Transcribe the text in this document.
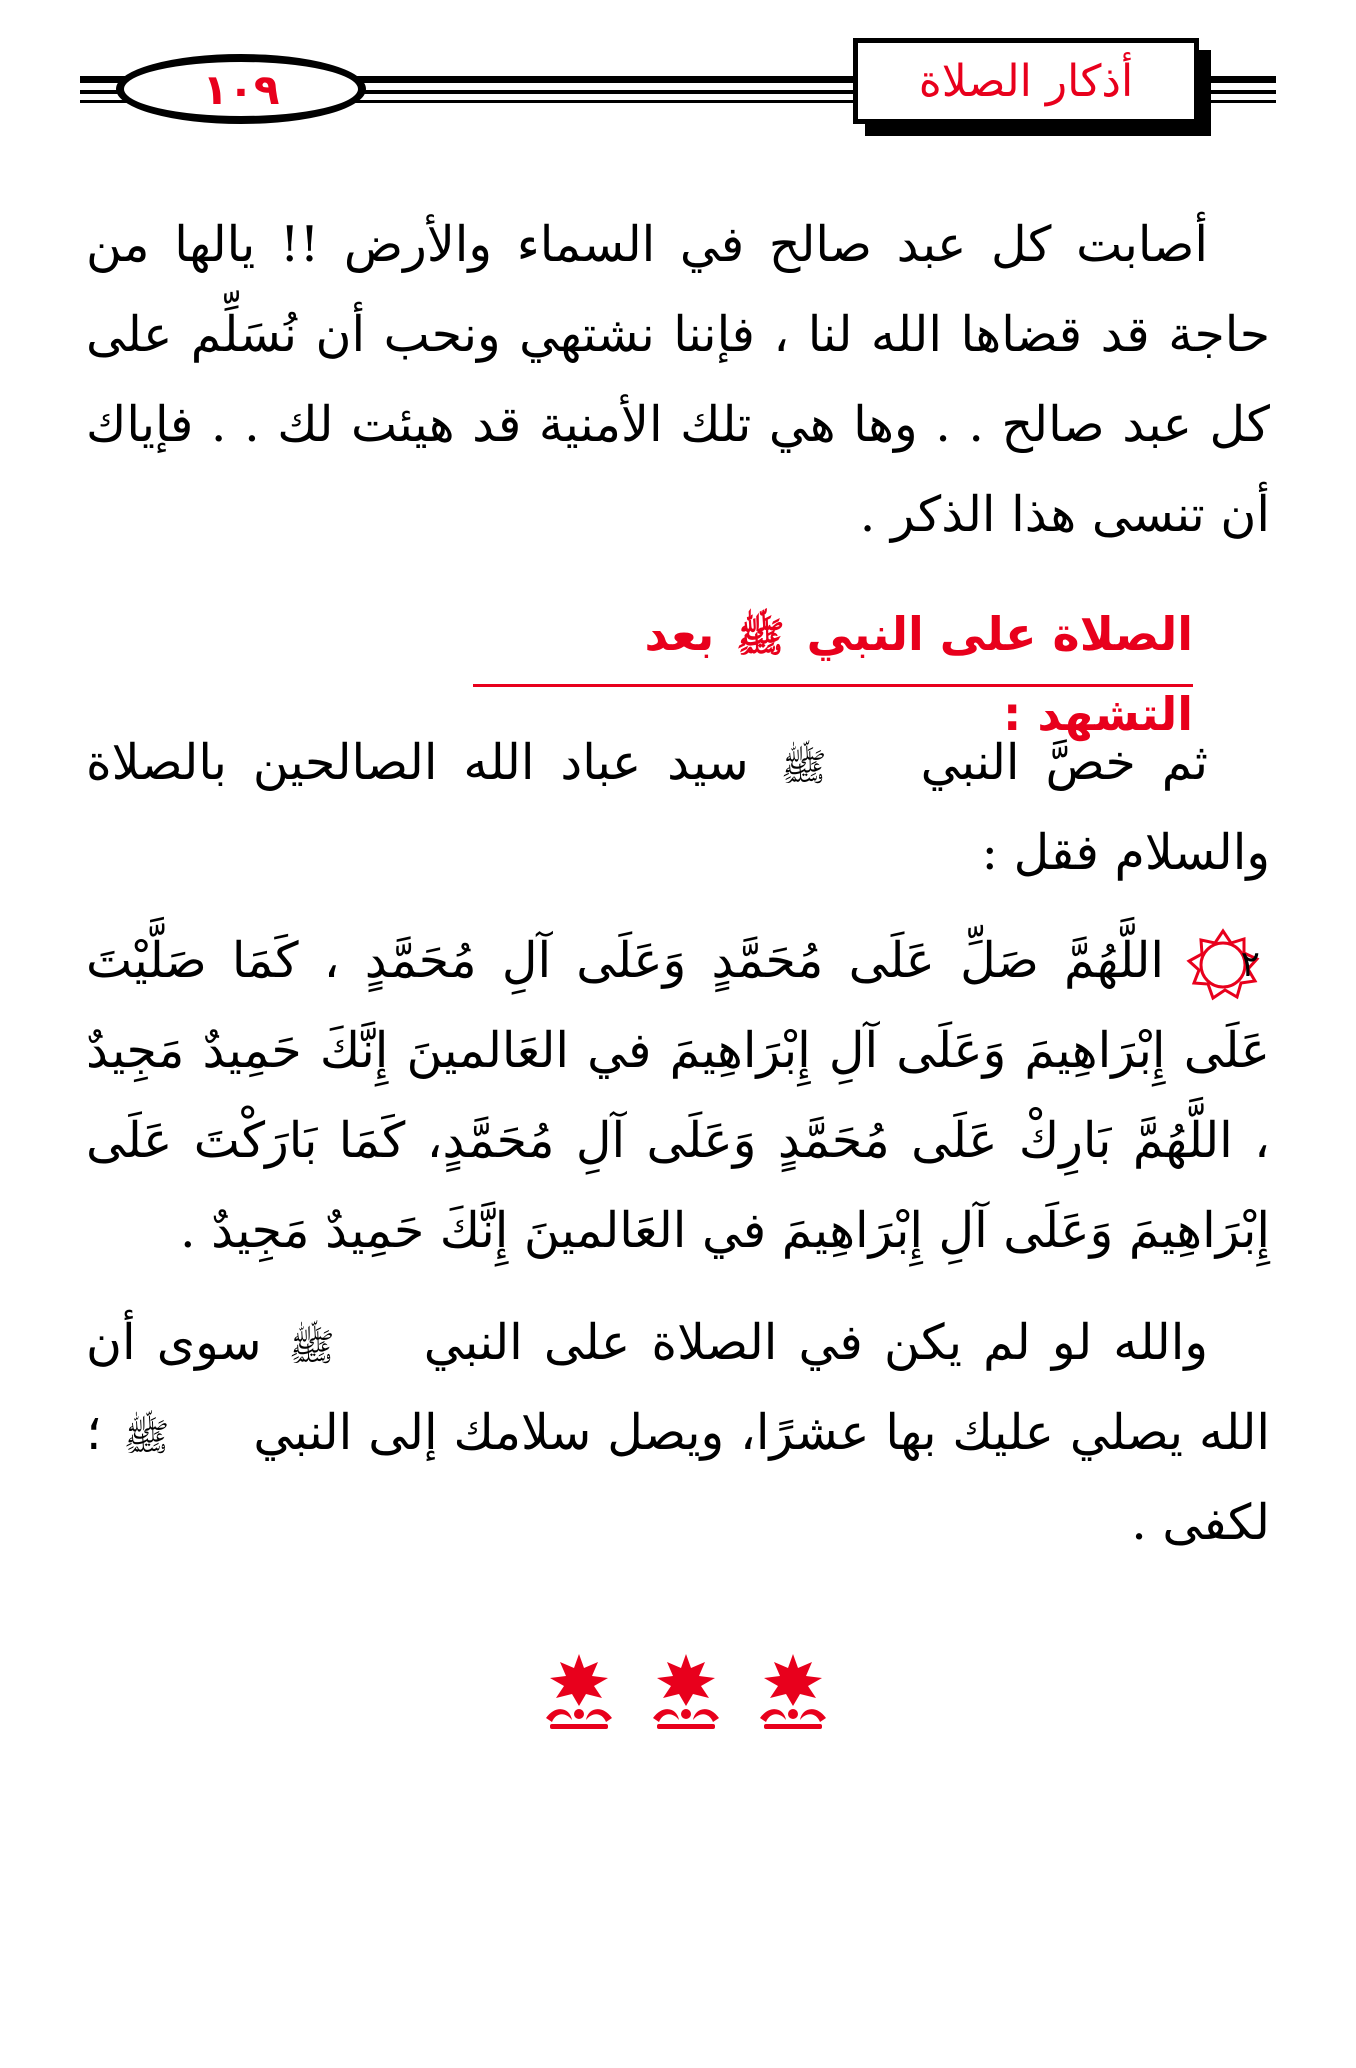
١٠٩	أذكار الصلاة

أصابت كل عبد صالح في السماء والأرض !! يالها من حاجة قد قضاها الله لنا ، فإننا نشتهي ونحب أن نُسَلِّم على كل عبد صالح . . وها هي تلك الأمنية قد هيئت لك . . فإياك أن تنسى هذا الذكر .

الصلاة على النبي ﷺ بعد التشهد :

ثم خصَّ النبي ﷺ سيد عباد الله الصالحين بالصلاة والسلام فقل :

٢
اللَّهُمَّ صَلِّ عَلَى مُحَمَّدٍ وَعَلَى آلِ مُحَمَّدٍ ، كَمَا صَلَّيْتَ عَلَى إِبْرَاهِيمَ وَعَلَى آلِ إِبْرَاهِيمَ في العَالمينَ إِنَّكَ حَمِيدٌ مَجِيدٌ ، اللَّهُمَّ بَارِكْ عَلَى مُحَمَّدٍ وَعَلَى آلِ مُحَمَّدٍ، كَمَا بَارَكْتَ عَلَى إِبْرَاهِيمَ وَعَلَى آلِ إِبْرَاهِيمَ في العَالمينَ إِنَّكَ حَمِيدٌ مَجِيدٌ .

والله لو لم يكن في الصلاة على النبي ﷺ سوى أن الله يصلي عليك بها عشرًا، ويصل سلامك إلى النبي ﷺ ؛ لكفى .
